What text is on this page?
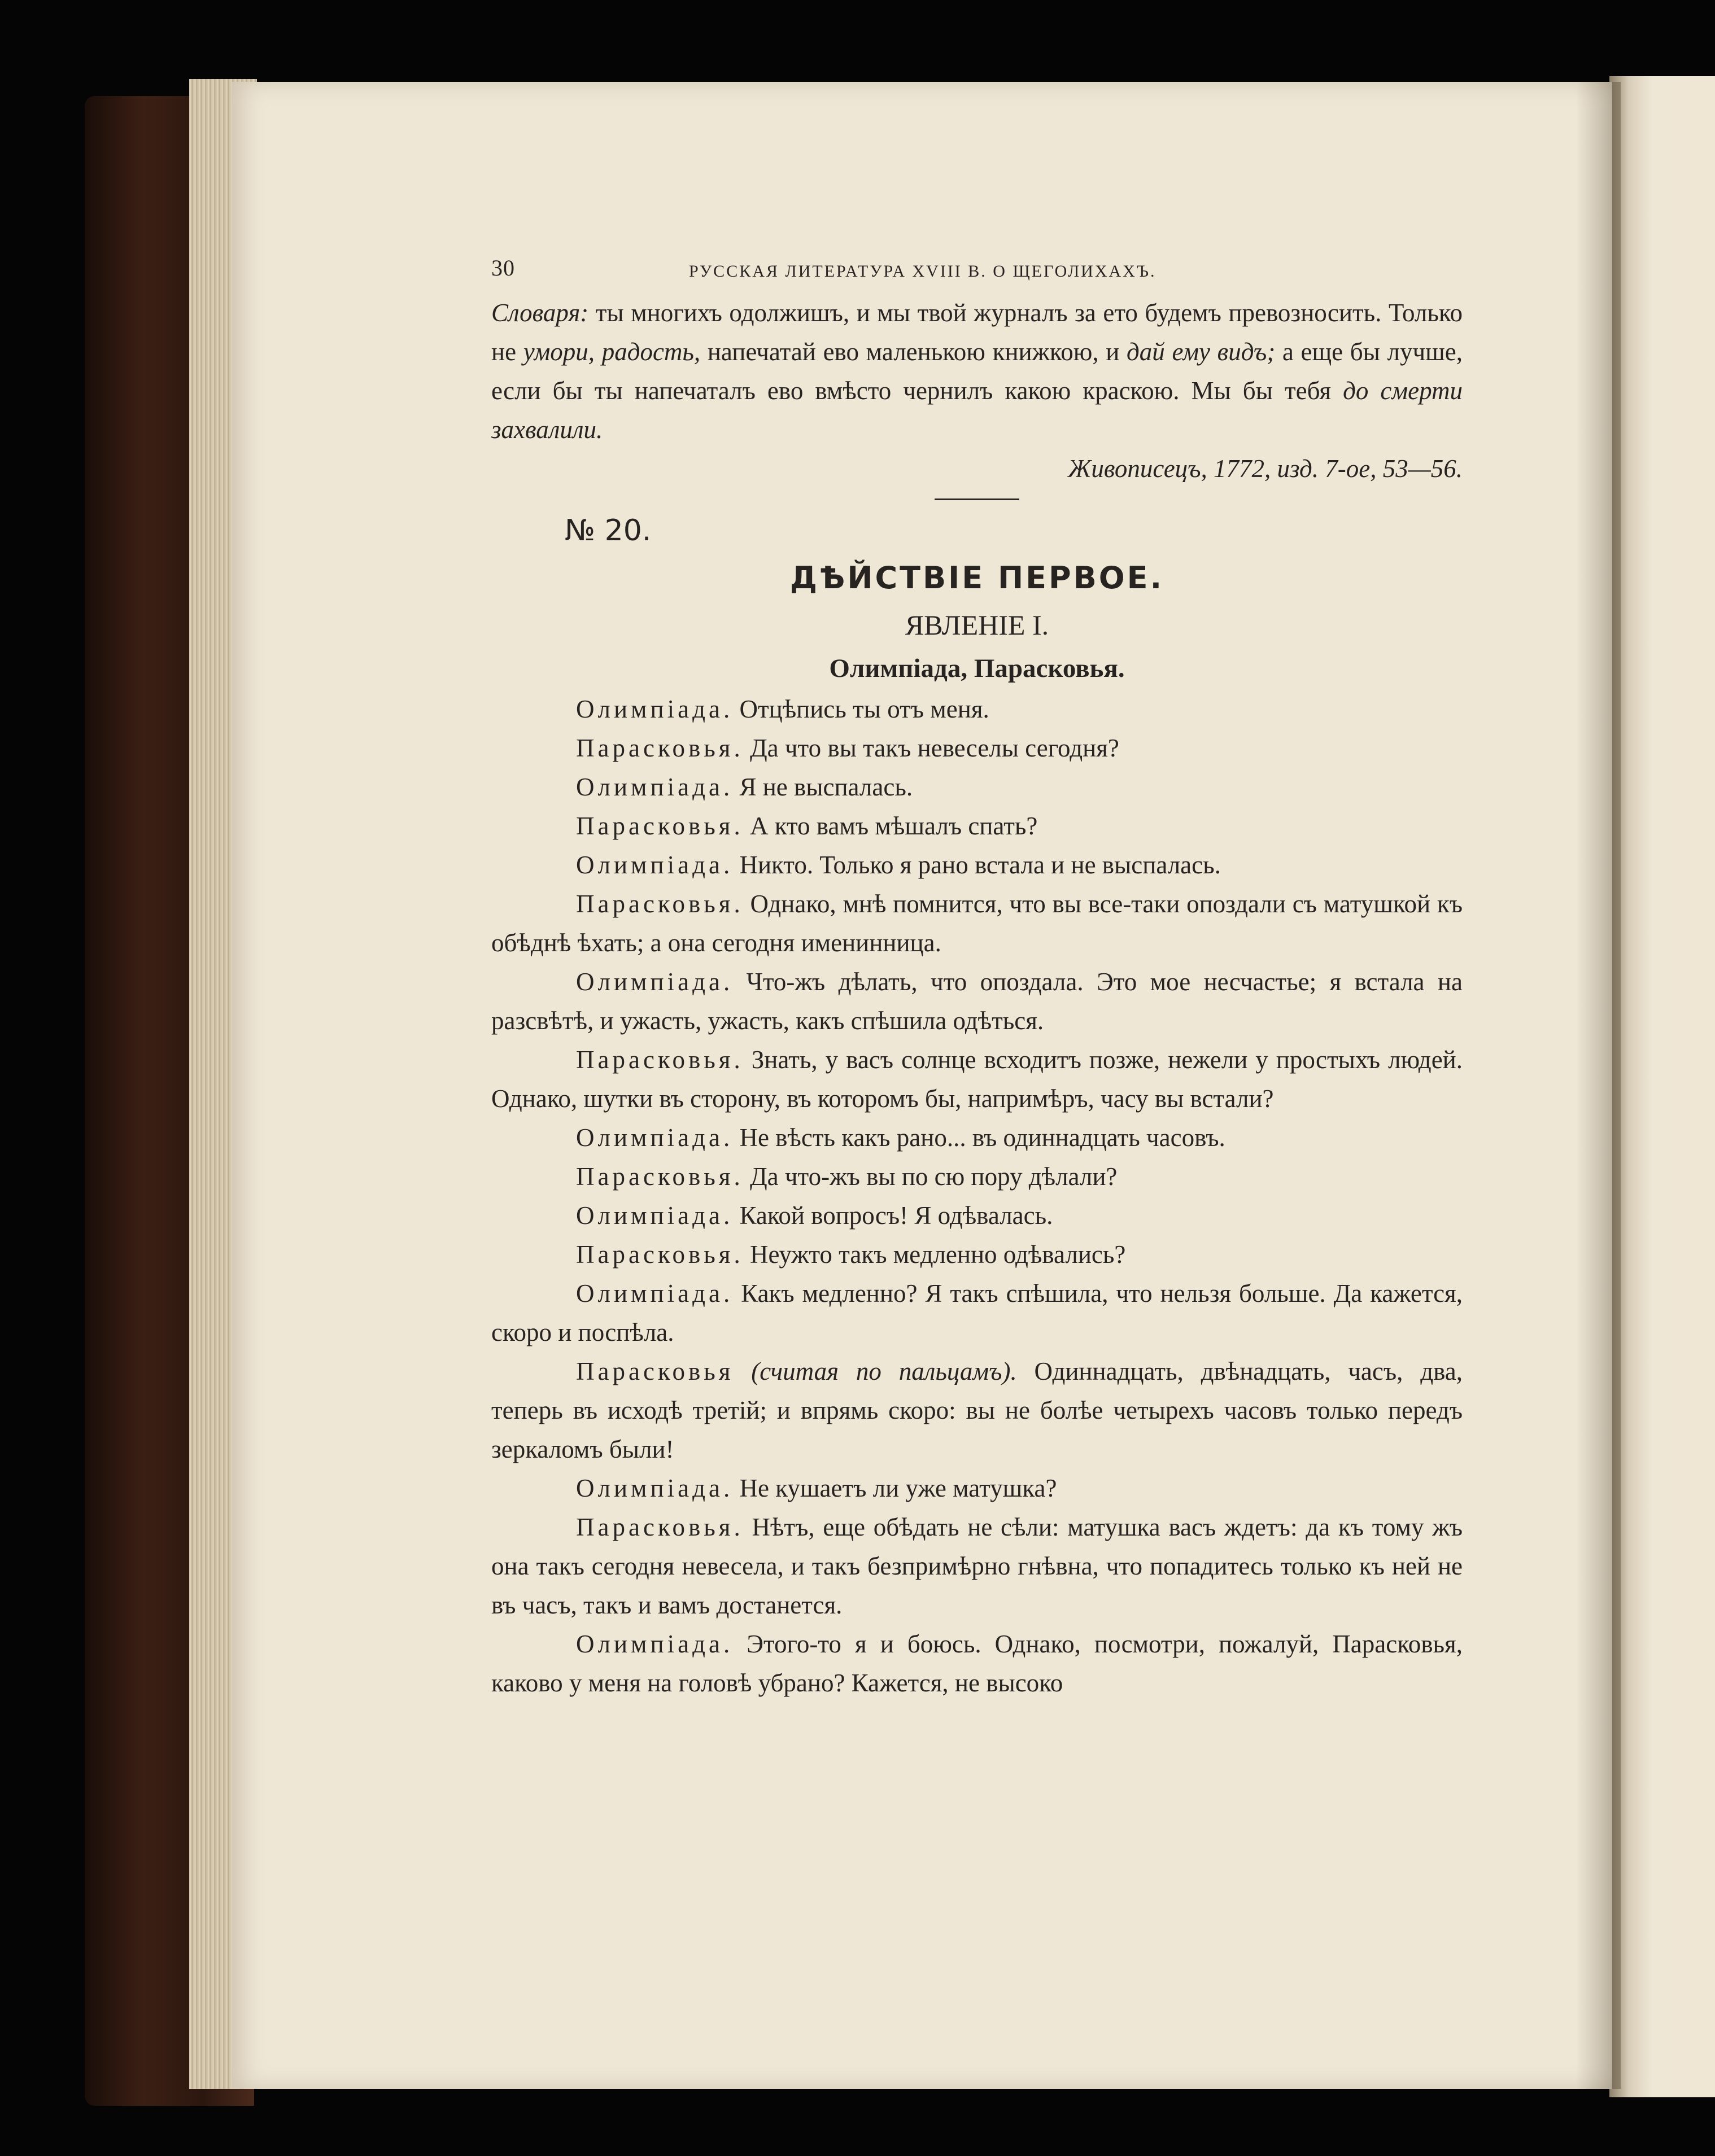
30	РУССКАЯ ЛИТЕРАТУРА XVIII В. О ЩЕГОЛИХАХЪ.

Словаря: ты многихъ одолжишъ, и мы твой журналъ за ето будемъ превозносить. Только не умори, радость, напечатай ево маленькою книжкою, и дай ему видъ; а еще бы лучше, если бы ты напечаталъ ево вмѣсто чернилъ какою краскою. Мы бы тебя до смерти захвалили.

Живописецъ, 1772, изд. 7-ое, 53—56.

№ 20.
ДѢЙСТВІЕ ПЕРВОЕ.
ЯВЛЕНІЕ I.
Олимпіада, Парасковья.

Олимпіада. Отцѣпись ты отъ меня.

Парасковья. Да что вы такъ невеселы сегодня?

Олимпіада. Я не выспалась.

Парасковья. А кто вамъ мѣшалъ спать?

Олимпіада. Никто. Только я рано встала и не выспалась.

Парасковья. Однако, мнѣ помнится, что вы все-таки опоздали съ матушкой къ обѣднѣ ѣхать; а она сегодня именинница.

Олимпіада. Что-жъ дѣлать, что опоздала. Это мое несчастье; я встала на разсвѣтѣ, и ужасть, ужасть, какъ спѣшила одѣться.

Парасковья. Знать, у васъ солнце всходитъ позже, нежели у простыхъ людей. Однако, шутки въ сторону, въ которомъ бы, напримѣръ, часу вы встали?

Олимпіада. Не вѣсть какъ рано... въ одиннадцать часовъ.

Парасковья. Да что-жъ вы по сю пору дѣлали?

Олимпіада. Какой вопросъ! Я одѣвалась.

Парасковья. Неужто такъ медленно одѣвались?

Олимпіада. Какъ медленно? Я такъ спѣшила, что нельзя больше. Да кажется, скоро и поспѣла.

Парасковья (считая по пальцамъ). Одиннадцать, двѣнадцать, часъ, два, теперь въ исходѣ третій; и впрямь скоро: вы не болѣе четырехъ часовъ только передъ зеркаломъ были!

Олимпіада. Не кушаетъ ли уже матушка?

Парасковья. Нѣтъ, еще обѣдать не сѣли: матушка васъ ждетъ: да къ тому жъ она такъ сегодня невесела, и такъ безпримѣрно гнѣвна, что попадитесь только къ ней не въ часъ, такъ и вамъ достанется.

Олимпіада. Этого-то я и боюсь. Однако, посмотри, пожалуй, Парасковья, каково у меня на головѣ убрано? Кажется, не высоко
